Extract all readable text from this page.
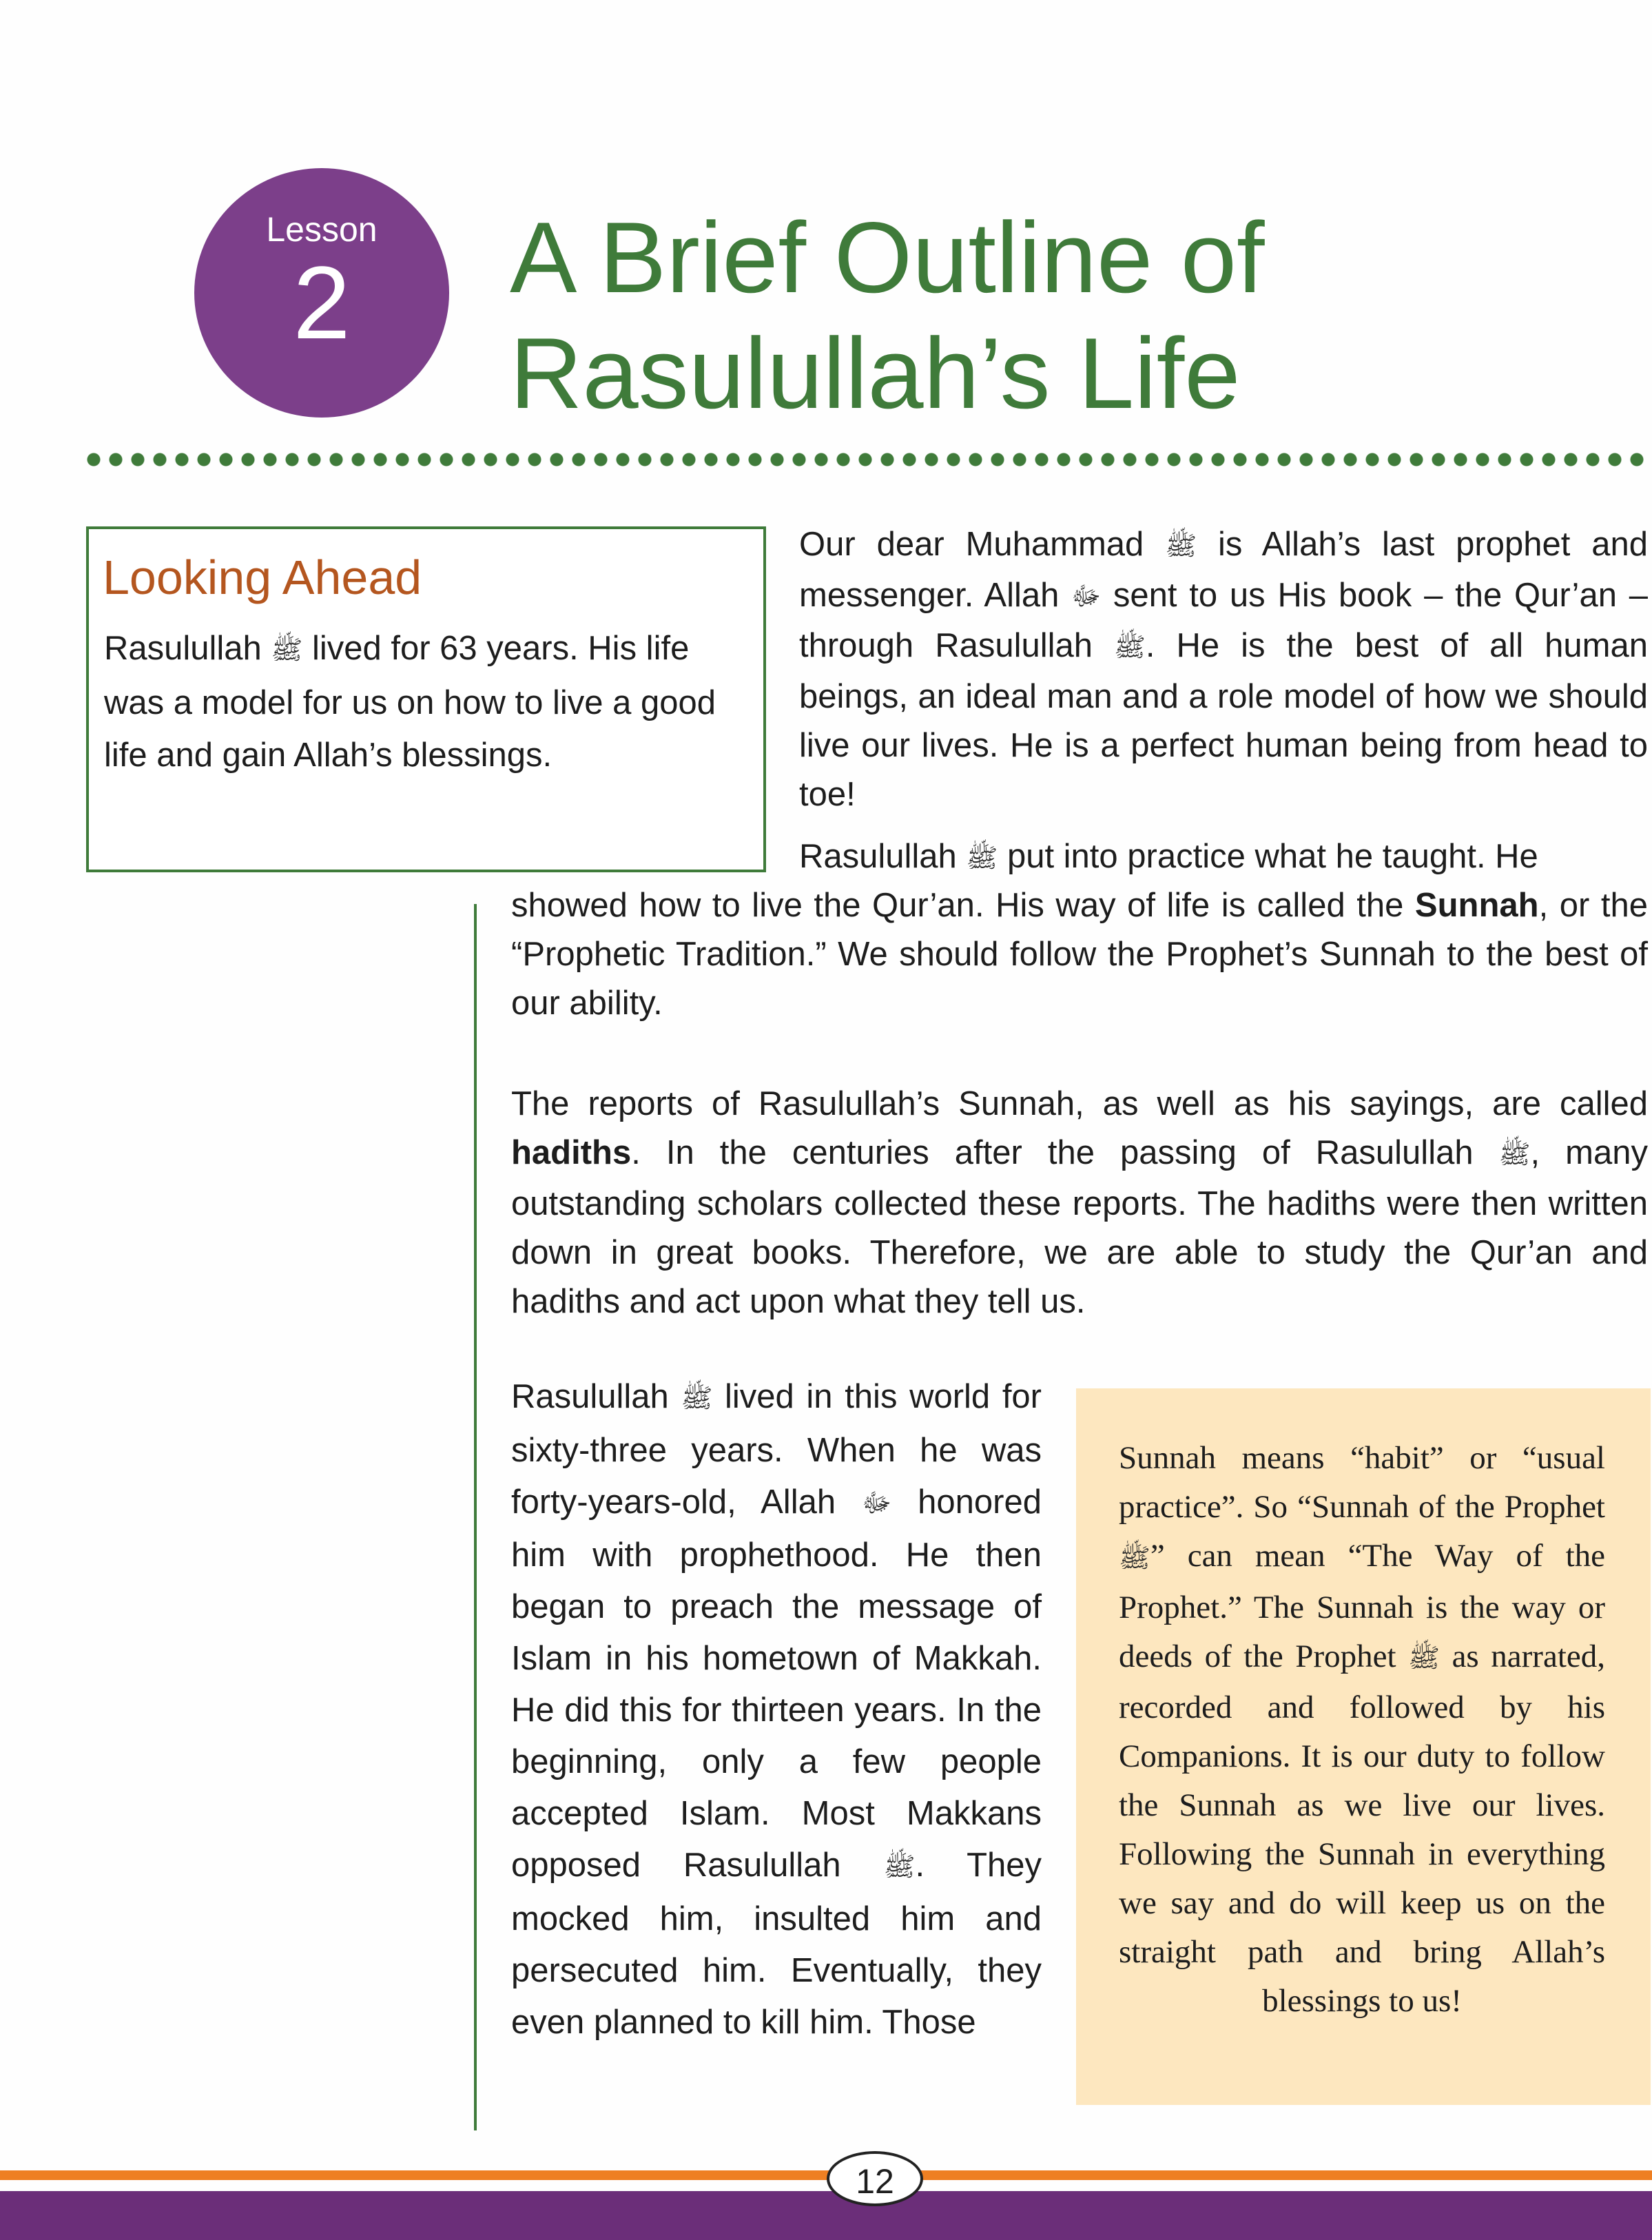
Lesson
2	A Brief Outline of
Rasulullah’s Life
Looking Ahead
Rasulullah ﷺ lived for 63 years. His life was a model for us on how to live a good life and gain Allah’s blessings.
Our dear Muhammad ﷺ is Allah’s last prophet and messenger. Allah ﷻ sent to us His book – the Qur’an – through Rasulullah ﷺ. He is the best of all human beings, an ideal man and a role model of how we should live our lives. He is a perfect human being from head to toe!
Rasulullah ﷺ put into practice what he taught. He
showed how to live the Qur’an. His way of life is called the Sunnah, or the “Prophetic Tradition.” We should follow the Prophet’s Sunnah to the best of our ability.
The reports of Rasulullah’s Sunnah, as well as his sayings, are called hadiths. In the centuries after the passing of Rasulullah ﷺ, many outstanding scholars collected these reports. The hadiths were then written down in great books. Therefore, we are able to study the Qur’an and hadiths and act upon what they tell us.
Rasulullah ﷺ lived in this world for sixty-three years. When he was forty-years-old, Allah ﷻ honored him with prophethood. He then began to preach the message of Islam in his hometown of Makkah. He did this for thirteen years. In the beginning, only a few people accepted Islam. Most Makkans opposed Rasulullah ﷺ. They mocked him, insulted him and persecuted him. Eventually, they even planned to kill him. Those
Sunnah means “habit” or “usual practice”. So “Sunnah of the Prophet ﷺ” can mean “The Way of the Prophet.” The Sunnah is the way or deeds of the Prophet ﷺ as narrated, recorded and followed by his Companions. It is our duty to follow the Sunnah as we live our lives. Following the Sunnah in everything we say and do will keep us on the straight path and bring Allah’s blessings to us!
12
